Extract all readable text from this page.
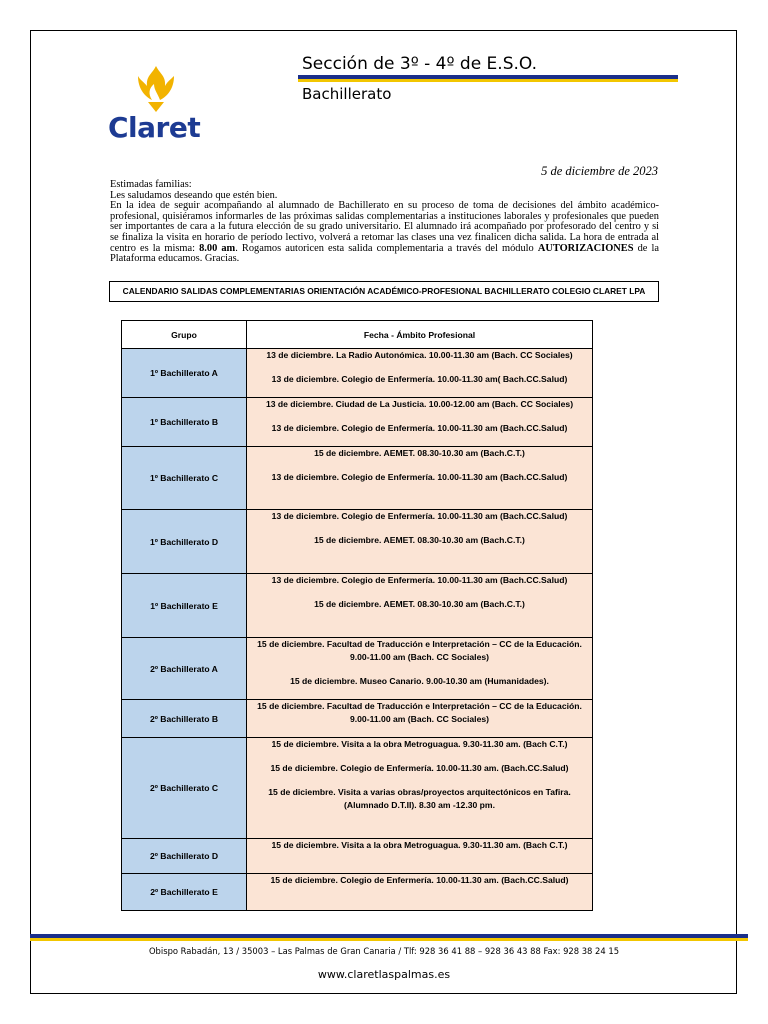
Claret
Sección de 3º - 4º de E.S.O.
Bachillerato
5 de diciembre de 2023

Estimadas familias:

Les saludamos deseando que estén bien.

En la idea de seguir acompañando al alumnado de Bachillerato en su proceso de toma de decisiones del ámbito académico-profesional, quisiéramos informarles de las próximas salidas complementarias a instituciones laborales y profesionales que pueden ser importantes de cara a la futura elección de su grado universitario. El alumnado irá acompañado por profesorado del centro y si se finaliza la visita en horario de período lectivo, volverá a retomar las clases una vez finalicen dicha salida. La hora de entrada al centro es la misma: 8.00 am. Rogamos autoricen esta salida complementaria a través del módulo AUTORIZACIONES de la Plataforma educamos. Gracias.

CALENDARIO SALIDAS COMPLEMENTARIAS ORIENTACIÓN ACADÉMICO-PROFESIONAL BACHILLERATO COLEGIO CLARET LPA
Grupo	Fecha - Ámbito Profesional
1º Bachillerato A	13 de diciembre. La Radio Autonómica. 10.00-11.30 am (Bach. CC Sociales)
13 de diciembre. Colegio de Enfermería. 10.00-11.30 am( Bach.CC.Salud)

1º Bachillerato B	13 de diciembre. Ciudad de La Justicia. 10.00-12.00 am (Bach. CC Sociales)
13 de diciembre. Colegio de Enfermería. 10.00-11.30 am (Bach.CC.Salud)

1º Bachillerato C	15 de diciembre. AEMET. 08.30-10.30 am (Bach.C.T.)
13 de diciembre. Colegio de Enfermería. 10.00-11.30 am (Bach.CC.Salud)

1º Bachillerato D	13 de diciembre. Colegio de Enfermería. 10.00-11.30 am (Bach.CC.Salud)
15 de diciembre. AEMET. 08.30-10.30 am (Bach.C.T.)

1º Bachillerato E	13 de diciembre. Colegio de Enfermería. 10.00-11.30 am (Bach.CC.Salud)
15 de diciembre. AEMET. 08.30-10.30 am (Bach.C.T.)

2º Bachillerato A	15 de diciembre. Facultad de Traducción e Interpretación – CC de la Educación. 9.00-11.00 am (Bach. CC Sociales)
15 de diciembre. Museo Canario. 9.00-10.30 am (Humanidades).

2º Bachillerato B	15 de diciembre. Facultad de Traducción e Interpretación – CC de la Educación. 9.00-11.00 am (Bach. CC Sociales)

2º Bachillerato C	15 de diciembre. Visita a la obra Metroguagua. 9.30-11.30 am. (Bach C.T.)
15 de diciembre. Colegio de Enfermería. 10.00-11.30 am. (Bach.CC.Salud)
15 de diciembre. Visita a varias obras/proyectos arquitectónicos en Tafira. (Alumnado D.T.II). 8.30 am -12.30 pm.

2º Bachillerato D	15 de diciembre. Visita a la obra Metroguagua. 9.30-11.30 am. (Bach C.T.)

2º Bachillerato E	15 de diciembre. Colegio de Enfermería. 10.00-11.30 am. (Bach.CC.Salud)
Obispo Rabadán, 13 / 35003 – Las Palmas de Gran Canaria / Tlf: 928 36 41 88 – 928 36 43 88 Fax: 928 38 24 15
www.claretlaspalmas.es
